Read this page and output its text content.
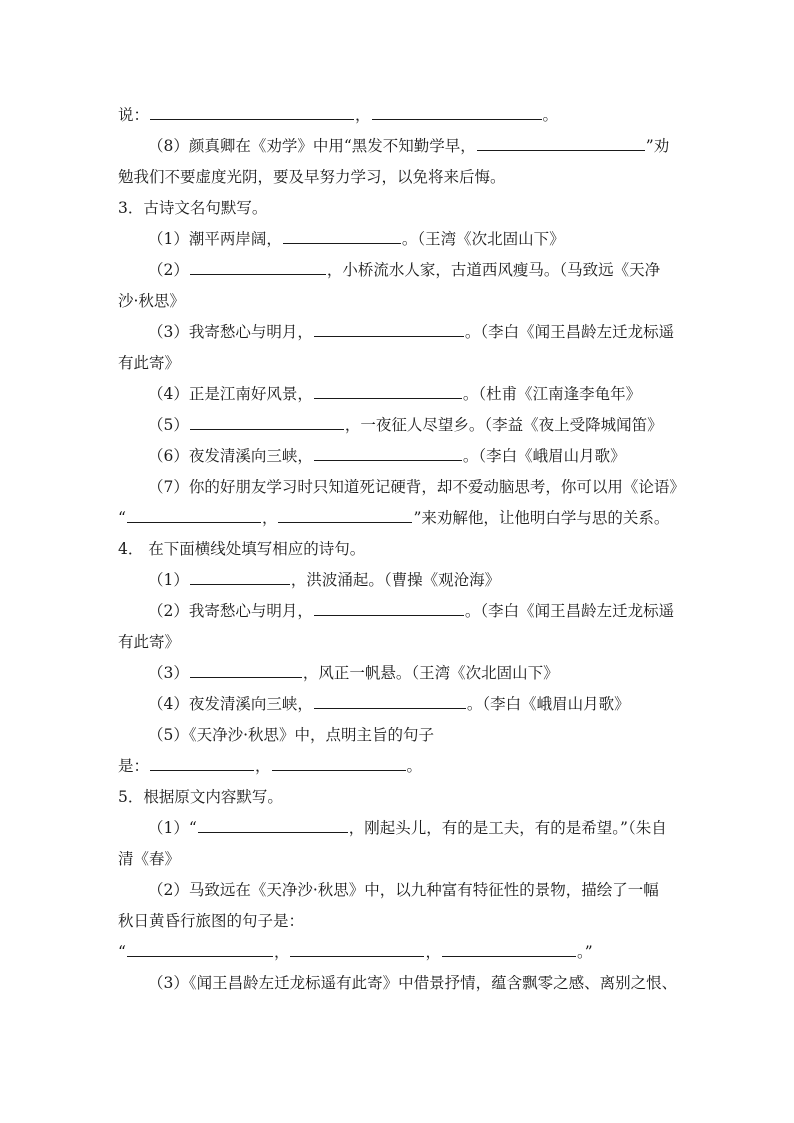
说：	，	。
（8）颜真卿在《劝学》中用“黑发不知勤学早，	”劝
勉我们不要虚度光阴，要及早努力学习，以免将来后悔。
3．古诗文名句默写。
（1）潮平两岸阔，	。（王湾《次北固山下》
（2）	，小桥流水人家，古道西风瘦马。（马致远《天净
沙·秋思》
（3）我寄愁心与明月，	。（李白《闻王昌龄左迁龙标遥
有此寄》
（4）正是江南好风景，	。（杜甫《江南逢李龟年》
（5）	，一夜征人尽望乡。（李益《夜上受降城闻笛》
（6）夜发清溪向三峡，	。（李白《峨眉山月歌》
（7）你的好朋友学习时只知道死记硬背，却不爱动脑思考，你可以用《论语》
“	，	”来劝解他，让他明白学与思的关系。
4． 在下面横线处填写相应的诗句。
（1）	，洪波涌起。（曹操《观沧海》
（2）我寄愁心与明月，	。（李白《闻王昌龄左迁龙标遥
有此寄》
（3）	，风正一帆悬。（王湾《次北固山下》
（4）夜发清溪向三峡，	。（李白《峨眉山月歌》
（5）《天净沙·秋思》中，点明主旨的句子
是：	，	。
5．根据原文内容默写。
（1）“	，刚起头儿，有的是工夫，有的是希望。”（朱自
清《春》
（2）马致远在《天净沙·秋思》中，以九种富有特征性的景物，描绘了一幅
秋日黄昏行旅图的句子是：
“	，	，	。”
（3）《闻王昌龄左迁龙标遥有此寄》中借景抒情，蕴含飘零之感、离别之恨、
